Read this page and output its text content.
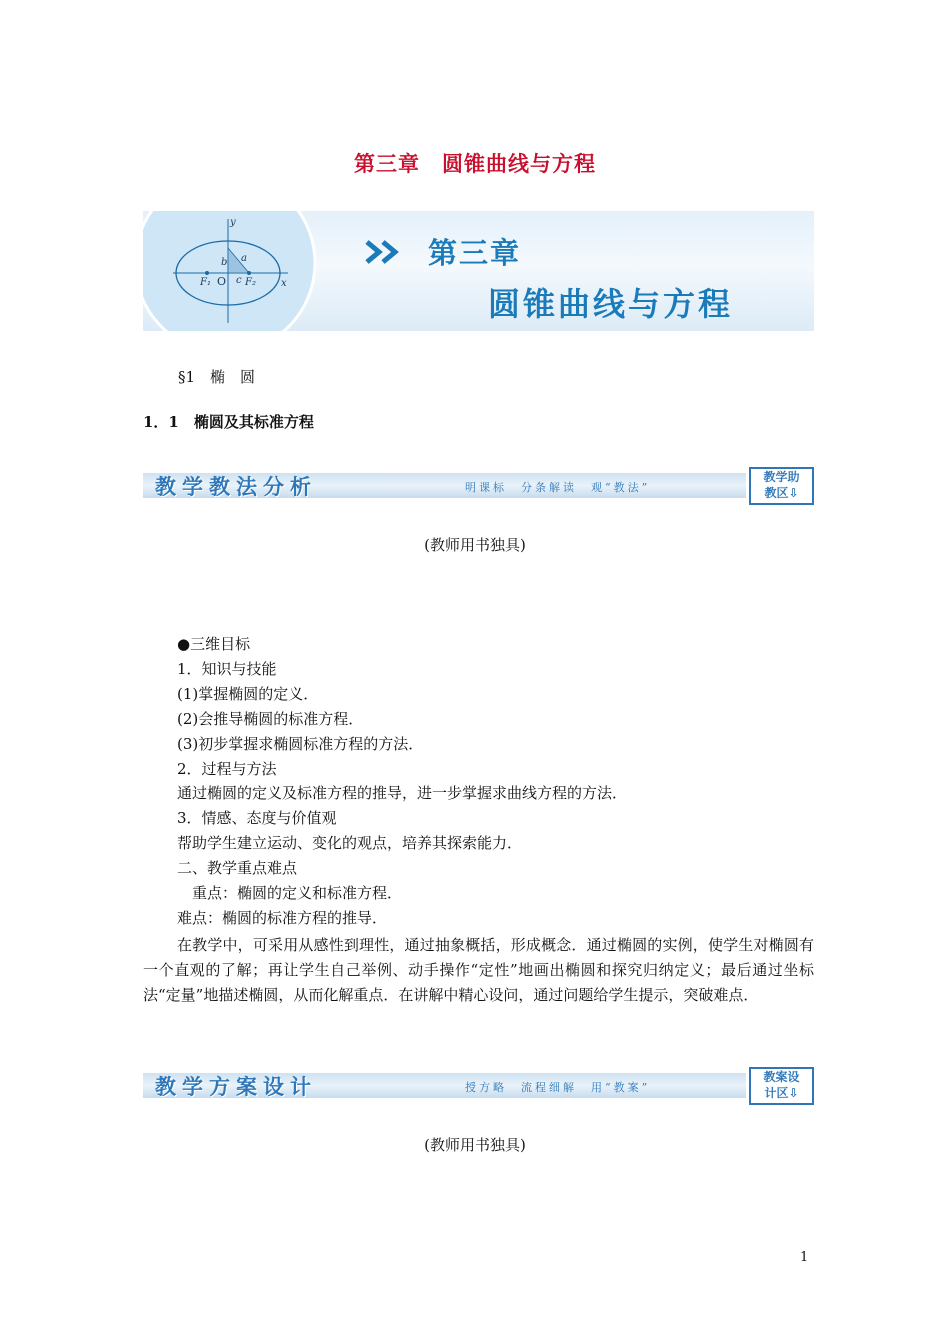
第三章　圆锥曲线与方程
y
x
O
F₁	F₂
a
b
c
第三章
圆锥曲线与方程
§1　椭　圆
1．1　椭圆及其标准方程
教学教法分析	明课标　分条解读　观“教法”
教学助
教区⇩
(教师用书独具)
●三维目标
1．知识与技能
(1)掌握椭圆的定义．
(2)会推导椭圆的标准方程．
(3)初步掌握求椭圆标准方程的方法．
2．过程与方法
通过椭圆的定义及标准方程的推导，进一步掌握求曲线方程的方法．
3．情感、态度与价值观
帮助学生建立运动、变化的观点，培养其探索能力．
二、教学重点难点
　重点：椭圆的定义和标准方程．
难点：椭圆的标准方程的推导．
在教学中，可采用从感性到理性，通过抽象概括，形成概念．通过椭圆的实例，使学生对椭圆有一个直观的了解；再让学生自己举例、动手操作“定性”地画出椭圆和探究归纳定义；最后通过坐标法“定量”地描述椭圆，从而化解重点．在讲解中精心设问，通过问题给学生提示，突破难点．
教学方案设计	授方略　流程细解　用“教案”
教案设
计区⇩
(教师用书独具)
1
